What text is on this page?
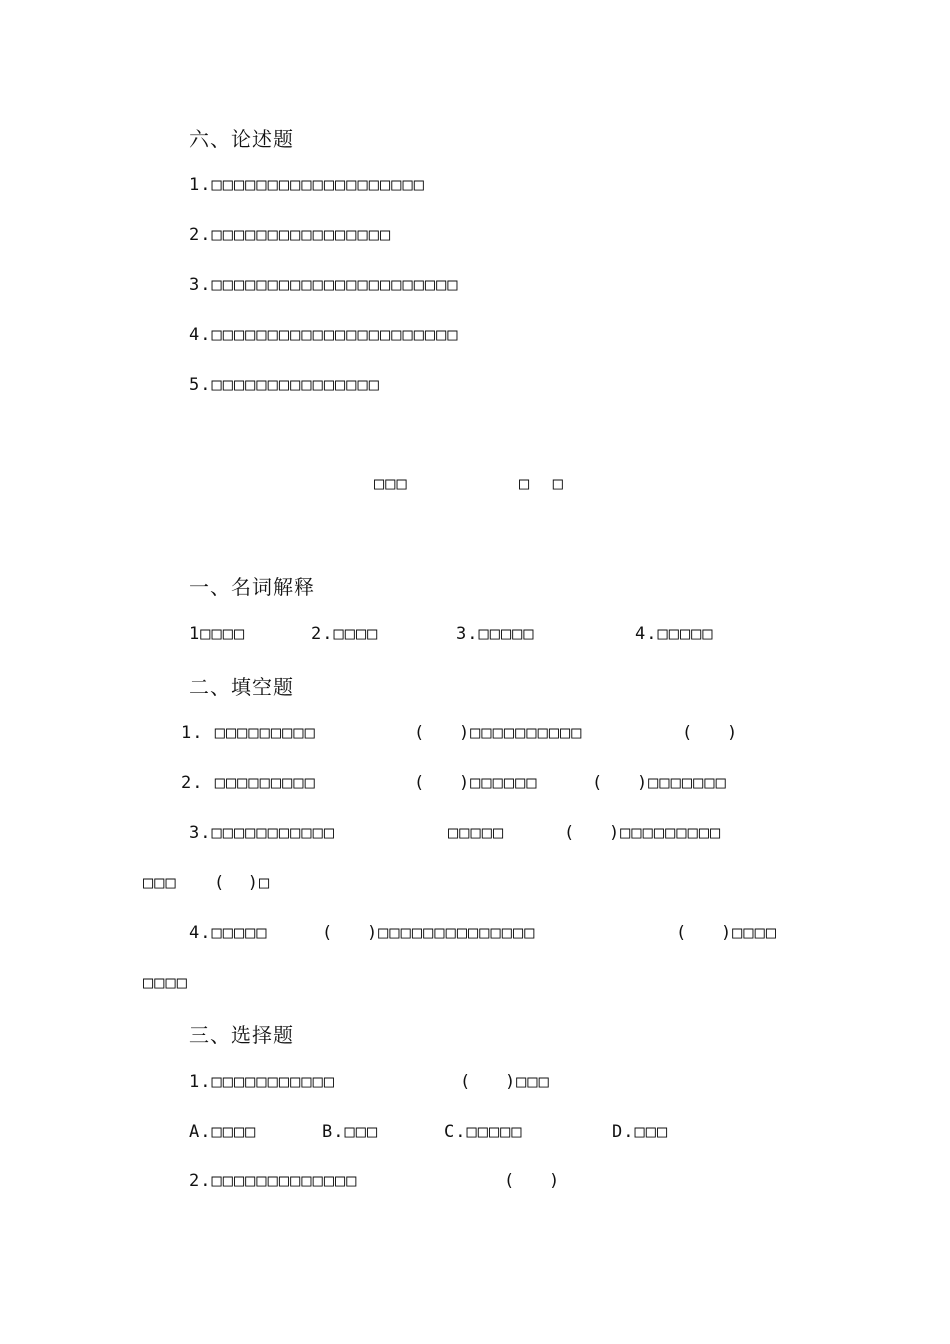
六、论述题
1.□□□□□□□□□□□□□□□□□□□
2.□□□□□□□□□□□□□□□□
3.□□□□□□□□□□□□□□□□□□□□□□
4.□□□□□□□□□□□□□□□□□□□□□□
5.□□□□□□□□□□□□□□□
□□□	□  □
一、名词解释
1□□□□	2.□□□□	3.□□□□□	4.□□□□□
二、填空题
1. □□□□□□□□□	(   )□□□□□□□□□□	(   )
2. □□□□□□□□□	(   )□□□□□□	(   )□□□□□□□
3.□□□□□□□□□□□	□□□□□	(   )□□□□□□□□□
□□□ (  )□
4.□□□□□	(   )□□□□□□□□□□□□□□	(   )□□□□
□□□□
三、选择题
1.□□□□□□□□□□□	(   )□□□
A.□□□□	B.□□□	C.□□□□□	D.□□□
2.□□□□□□□□□□□□□	(   )
